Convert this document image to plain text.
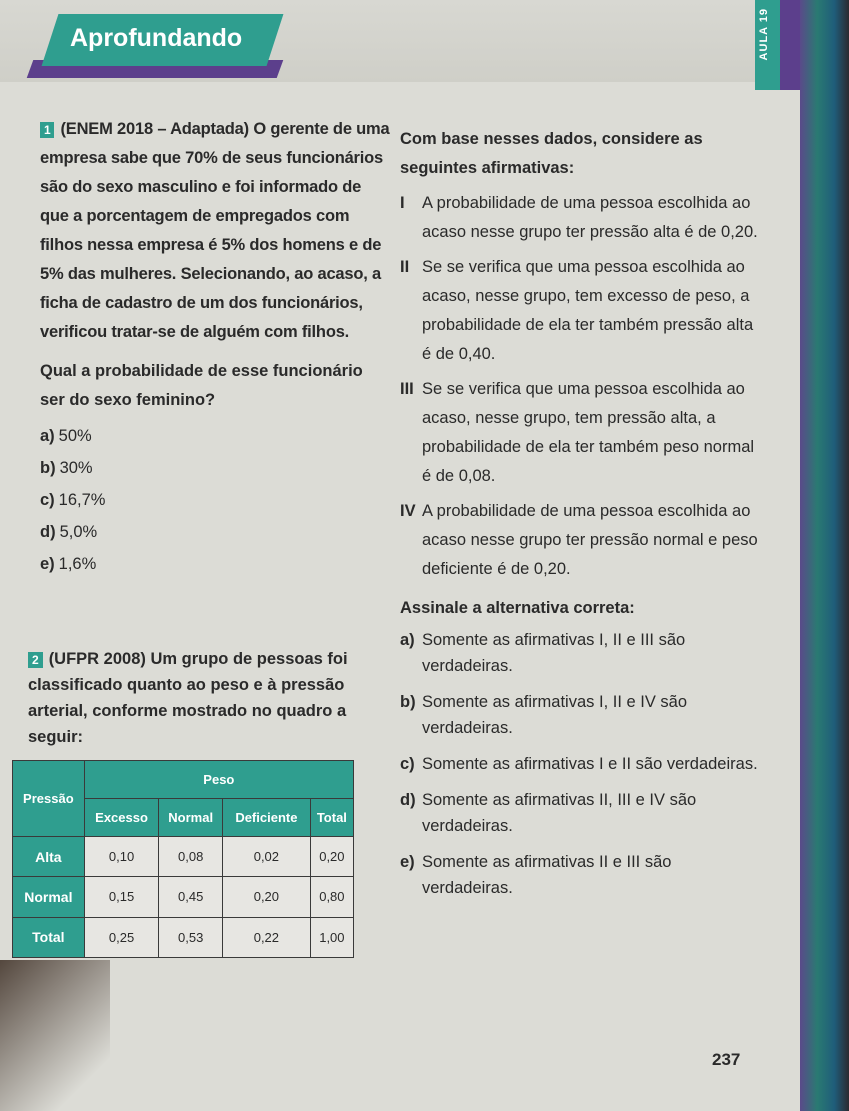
Aprofundando	AULA 19

1 (ENEM 2018 – Adaptada) O gerente de uma empresa sabe que 70% de seus funcionários são do sexo masculino e foi informado de que a porcentagem de empregados com filhos nessa empresa é 5% dos homens e de 5% das mulheres. Selecionando, ao acaso, a ficha de cadastro de um dos funcionários, verificou tratar-se de alguém com filhos.

Qual a probabilidade de esse funcionário ser do sexo feminino?

a) 50%
b) 30%
c) 16,7%
d) 5,0%
e) 1,6%

2 (UFPR 2008) Um grupo de pessoas foi classificado quanto ao peso e à pressão arterial, conforme mostrado no quadro a seguir:

Pressão	Peso			
	Excesso	Normal	Deficiente	Total
Alta	0,10	0,08	0,02	0,20
Normal	0,15	0,45	0,20	0,80
Total	0,25	0,53	0,22	1,00

Com base nesses dados, considere as seguintes afirmativas:

I A probabilidade de uma pessoa escolhida ao acaso nesse grupo ter pressão alta é de 0,20.

II Se se verifica que uma pessoa escolhida ao acaso, nesse grupo, tem excesso de peso, a probabilidade de ela ter também pressão alta é de 0,40.

III Se se verifica que uma pessoa escolhida ao acaso, nesse grupo, tem pressão alta, a probabilidade de ela ter também peso normal é de 0,08.

IV A probabilidade de uma pessoa escolhida ao acaso nesse grupo ter pressão normal e peso deficiente é de 0,20.

Assinale a alternativa correta:

a) Somente as afirmativas I, II e III são verdadeiras.
b) Somente as afirmativas I, II e IV são verdadeiras.
c) Somente as afirmativas I e II são verdadeiras.
d) Somente as afirmativas II, III e IV são verdadeiras.
e) Somente as afirmativas II e III são verdadeiras.
237
